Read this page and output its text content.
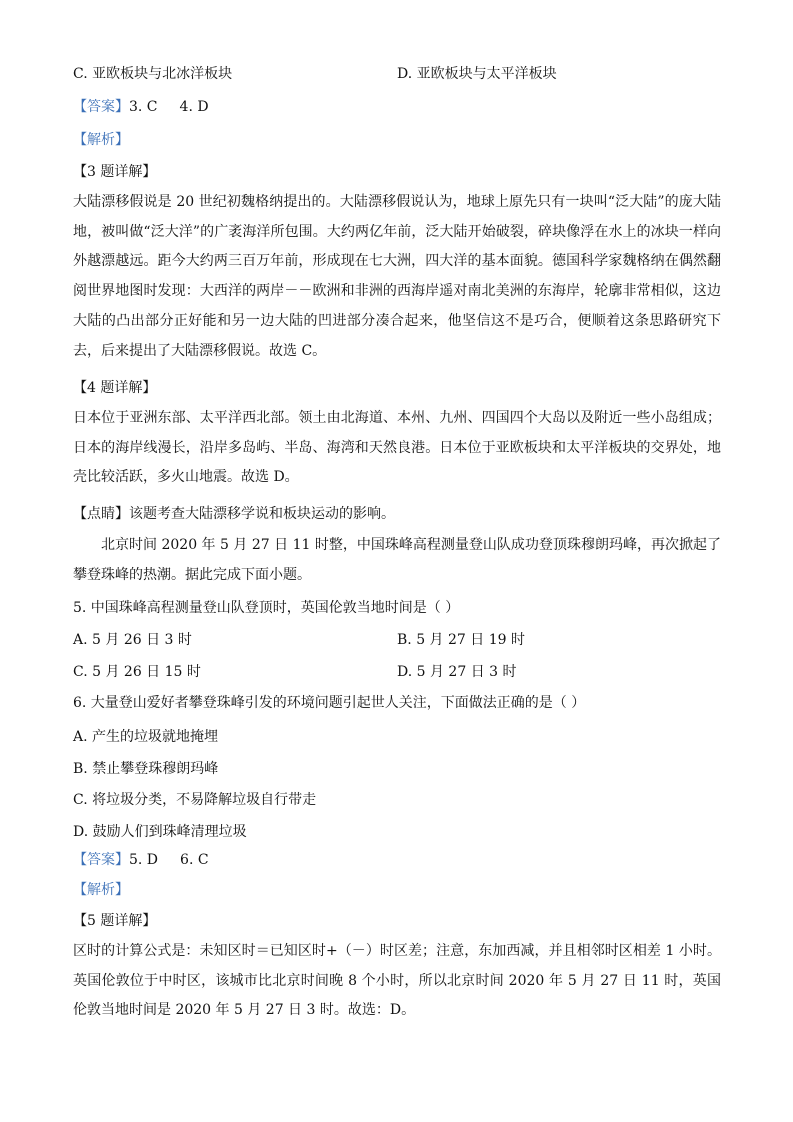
C. 亚欧板块与北冰洋板块	D. 亚欧板块与太平洋板块
【答案】3. C 4. D
【解析】
【3 题详解】
大陆漂移假说是 20 世纪初魏格纳提出的。大陆漂移假说认为，地球上原先只有一块叫“泛大陆”的庞大陆地，被叫做“泛大洋”的广袤海洋所包围。大约两亿年前，泛大陆开始破裂，碎块像浮在水上的冰块一样向外越漂越远。距今大约两三百万年前，形成现在七大洲，四大洋的基本面貌。德国科学家魏格纳在偶然翻阅世界地图时发现：大西洋的两岸－－欧洲和非洲的西海岸遥对南北美洲的东海岸，轮廓非常相似，这边大陆的凸出部分正好能和另一边大陆的凹进部分凑合起来，他坚信这不是巧合，便顺着这条思路研究下去，后来提出了大陆漂移假说。故选 C。
【4 题详解】
日本位于亚洲东部、太平洋西北部。领土由北海道、本州、九州、四国四个大岛以及附近一些小岛组成；日本的海岸线漫长，沿岸多岛屿、半岛、海湾和天然良港。日本位于亚欧板块和太平洋板块的交界处，地壳比较活跃，多火山地震。故选 D。
【点睛】该题考查大陆漂移学说和板块运动的影响。
北京时间 2020 年 5 月 27 日 11 时整，中国珠峰高程测量登山队成功登顶珠穆朗玛峰，再次掀起了攀登珠峰的热潮。据此完成下面小题。
5. 中国珠峰高程测量登山队登顶时，英国伦敦当地时间是（ ）
A. 5 月 26 日 3 时	B. 5 月 27 日 19 时
C. 5 月 26 日 15 时	D. 5 月 27 日 3 时
6. 大量登山爱好者攀登珠峰引发的环境问题引起世人关注，下面做法正确的是（ ）
A. 产生的垃圾就地掩埋
B. 禁止攀登珠穆朗玛峰
C. 将垃圾分类，不易降解垃圾自行带走
D. 鼓励人们到珠峰清理垃圾
【答案】5. D 6. C
【解析】
【5 题详解】
区时的计算公式是：未知区时＝已知区时+（－）时区差；注意，东加西减，并且相邻时区相差 1 小时。英国伦敦位于中时区，该城市比北京时间晚 8 个小时，所以北京时间 2020 年 5 月 27 日 11 时，英国伦敦当地时间是 2020 年 5 月 27 日 3 时。故选：D。
